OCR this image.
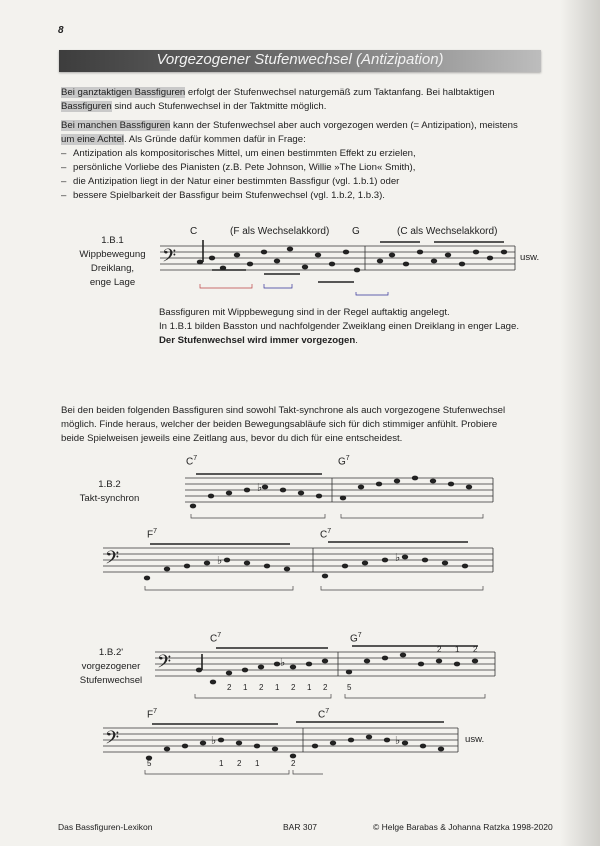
8
Vorgezogener Stufenwechsel (Antizipation)
Bei ganztaktigen Bassfiguren erfolgt der Stufenwechsel naturgemäß zum Taktanfang. Bei halbtaktigen
Bassfiguren sind auch Stufenwechsel in der Taktmitte möglich.
Bei manchen Bassfiguren kann der Stufenwechsel aber auch vorgezogen werden (= Antizipation), meistens
um eine Achtel. Als Gründe dafür kommen dafür in Frage:
– Antizipation als kompositorisches Mittel, um einen bestimmten Effekt zu erzielen,
– persönliche Vorliebe des Pianisten (z.B. Pete Johnson, Willie »The Lion« Smith),
– die Antizipation liegt in der Natur einer bestimmten Bassfigur (vgl. 1.b.1) oder
– bessere Spielbarkeit der Bassfigur beim Stufenwechsel (vgl. 1.b.2, 1.b.3).
1.B.1
Wippbewegung
Dreiklang,
enge Lage
C	(F als Wechselakkord) G	(C als Wechselakkord)
usw.
𝄢
Bassfiguren mit Wippbewegung sind in der Regel auftaktig angelegt.
In 1.B.1 bilden Basston und nachfolgender Zweiklang einen Dreiklang in enger Lage.
Der Stufenwechsel wird immer vorgezogen.
Bei den beiden folgenden Bassfiguren sind sowohl Takt-synchrone als auch vorgezogene Stufenwechsel
möglich. Finde heraus, welcher der beiden Bewegungsabläufe sich für dich stimmiger anfühlt. Probiere
beide Spielweisen jeweils eine Zeitlang aus, bevor du dich für eine entscheidest.
1.B.2
Takt-synchron
$C^7$	$G^7$
♭
$F^7$	$C^7$
𝄢	♭	♭
1.B.2'
vorgezogener
Stufenwechsel
$C^7$	$G^7$
𝄢	♭
2 1 2 1 2 1 2 5
2 1 2
$F^7$	$C^7$
usw.
𝄢	♭	♭
5	1 2 1	2
Das Bassfiguren-Lexikon	BAR 307	© Helge Barabas & Johanna Ratzka 1998-2020
